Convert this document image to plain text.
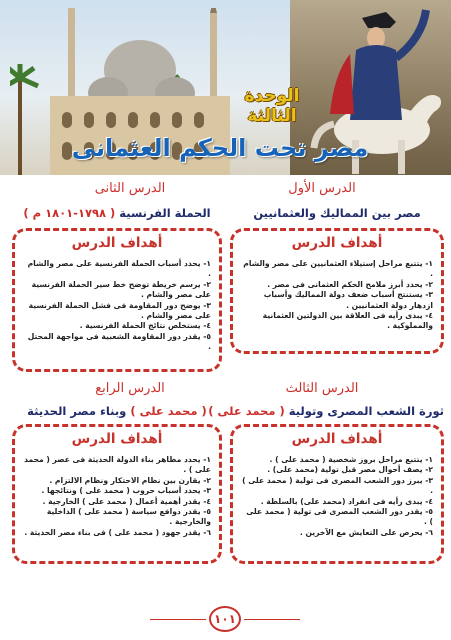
الوحدة الثالثة
مصر تحت الحكم العثمانى
الدرس الأول
مصر بين المماليك والعثمانيين
أهداف الدرس
١- يتتبع مراحل إستيلاء العثمانيين على مصر والشام .
٢- يحدد أبرز ملامح الحكم العثمانى فى مصر .
٣- يستنتج أسباب ضعف دولة المماليك وأسباب ازدهار دولة العثمانيين .
٤- يبدى رأيه فى العلاقة بين الدولتين العثمانية والمملوكية .
الدرس الثانى
الحملة الفرنسية ( ١٧٩٨-١٨٠١ م )
أهداف الدرس
١- يحدد أسباب الحملة الفرنسية على مصر والشام .
٢- يرسم خريطة توضح خط سير الحملة الفرنسية على مصر والشام .
٣- يوضح دور المقاومة فى فشل الحملة الفرنسية على مصر والشام .
٤- يستخلص نتائج الحملة الفرنسية .
٥- يقدر دور المقاومة الشعبية فى مواجهة المحتل .
الدرس الثالث
ثورة الشعب المصرى وتولية ( محمد على )
أهداف الدرس
١- يتتبع مراحل بروز شخصية ( محمد على ) .
٢- يصف أحوال مصر قبل تولية (محمد على) .
٣- يبرز دور الشعب المصرى فى تولية ( محمد على ) .
٤- يبدى رأيه فى انفراد (محمد على) بالسلطة .
٥- يقدر دور الشعب المصرى فى تولية ( محمد على ) .
٦- يحرص على التعايش مع الآخرين .
الدرس الرابع
( محمد على ) وبناء مصر الحديثة
أهداف الدرس
١- يحدد مظاهر بناء الدولة الحديثة فى عصر ( محمد على ) .
٢- يقارن بين نظام الاحتكار ونظام الالتزام .
٣- يحدد أسباب حروب ( محمد على ) ونتائجها .
٤- يقدر أهمية أعمال ( محمد على ) الخارجية .
٥- يقدر دوافع سياسة ( محمد على ) الداخلية والخارجية .
٦- يقدر جهود ( محمد على ) فى بناء مصر الحديثة .
١٠١
